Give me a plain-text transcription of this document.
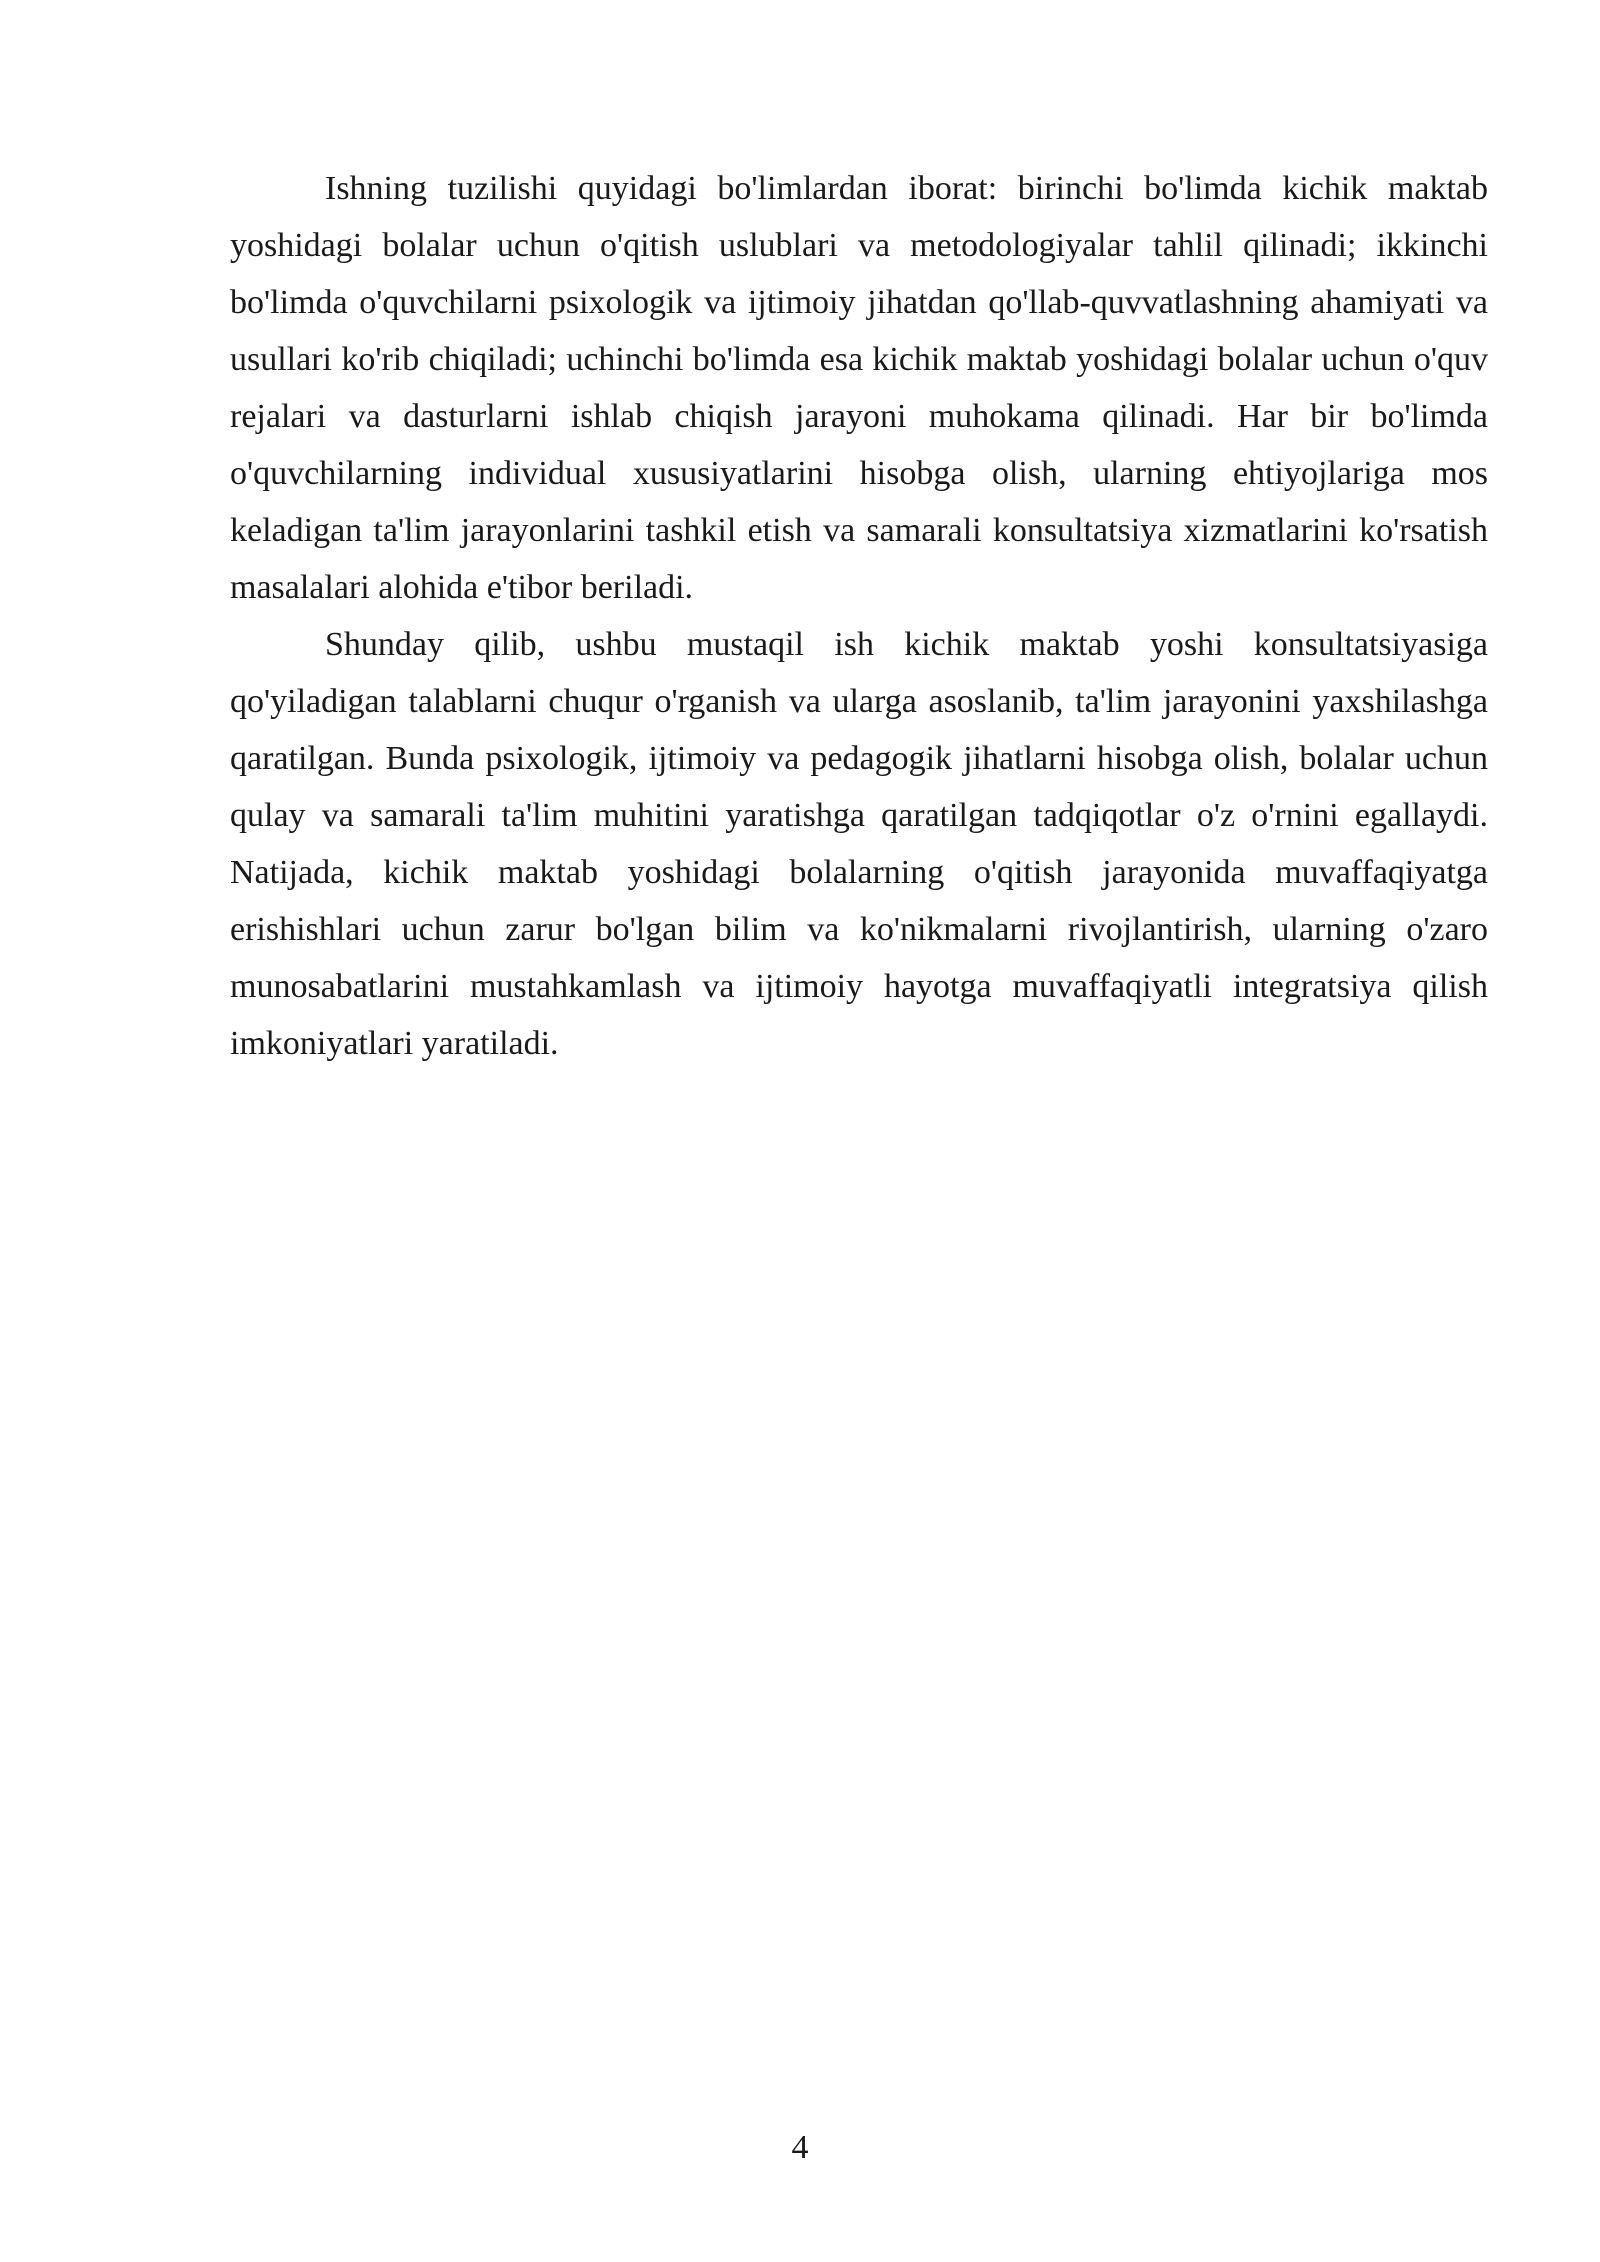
Ishning tuzilishi quyidagi bo'limlardan iborat: birinchi bo'limda kichik maktab yoshidagi bolalar uchun o'qitish uslublari va metodologiyalar tahlil qilinadi; ikkinchi bo'limda o'quvchilarni psixologik va ijtimoiy jihatdan qo'llab-quvvatlashning ahamiyati va usullari ko'rib chiqiladi; uchinchi bo'limda esa kichik maktab yoshidagi bolalar uchun o'quv rejalari va dasturlarni ishlab chiqish jarayoni muhokama qilinadi. Har bir bo'limda o'quvchilarning individual xususiyatlarini hisobga olish, ularning ehtiyojlariga mos keladigan ta'lim jarayonlarini tashkil etish va samarali konsultatsiya xizmatlarini ko'rsatish masalalari alohida e'tibor beriladi.

Shunday qilib, ushbu mustaqil ish kichik maktab yoshi konsultatsiyasiga qo'yiladigan talablarni chuqur o'rganish va ularga asoslanib, ta'lim jarayonini yaxshilashga qaratilgan. Bunda psixologik, ijtimoiy va pedagogik jihatlarni hisobga olish, bolalar uchun qulay va samarali ta'lim muhitini yaratishga qaratilgan tadqiqotlar o'z o'rnini egallaydi. Natijada, kichik maktab yoshidagi bolalarning o'qitish jarayonida muvaffaqiyatga erishishlari uchun zarur bo'lgan bilim va ko'nikmalarni rivojlantirish, ularning o'zaro munosabatlarini mustahkamlash va ijtimoiy hayotga muvaffaqiyatli integratsiya qilish imkoniyatlari yaratiladi.

4
